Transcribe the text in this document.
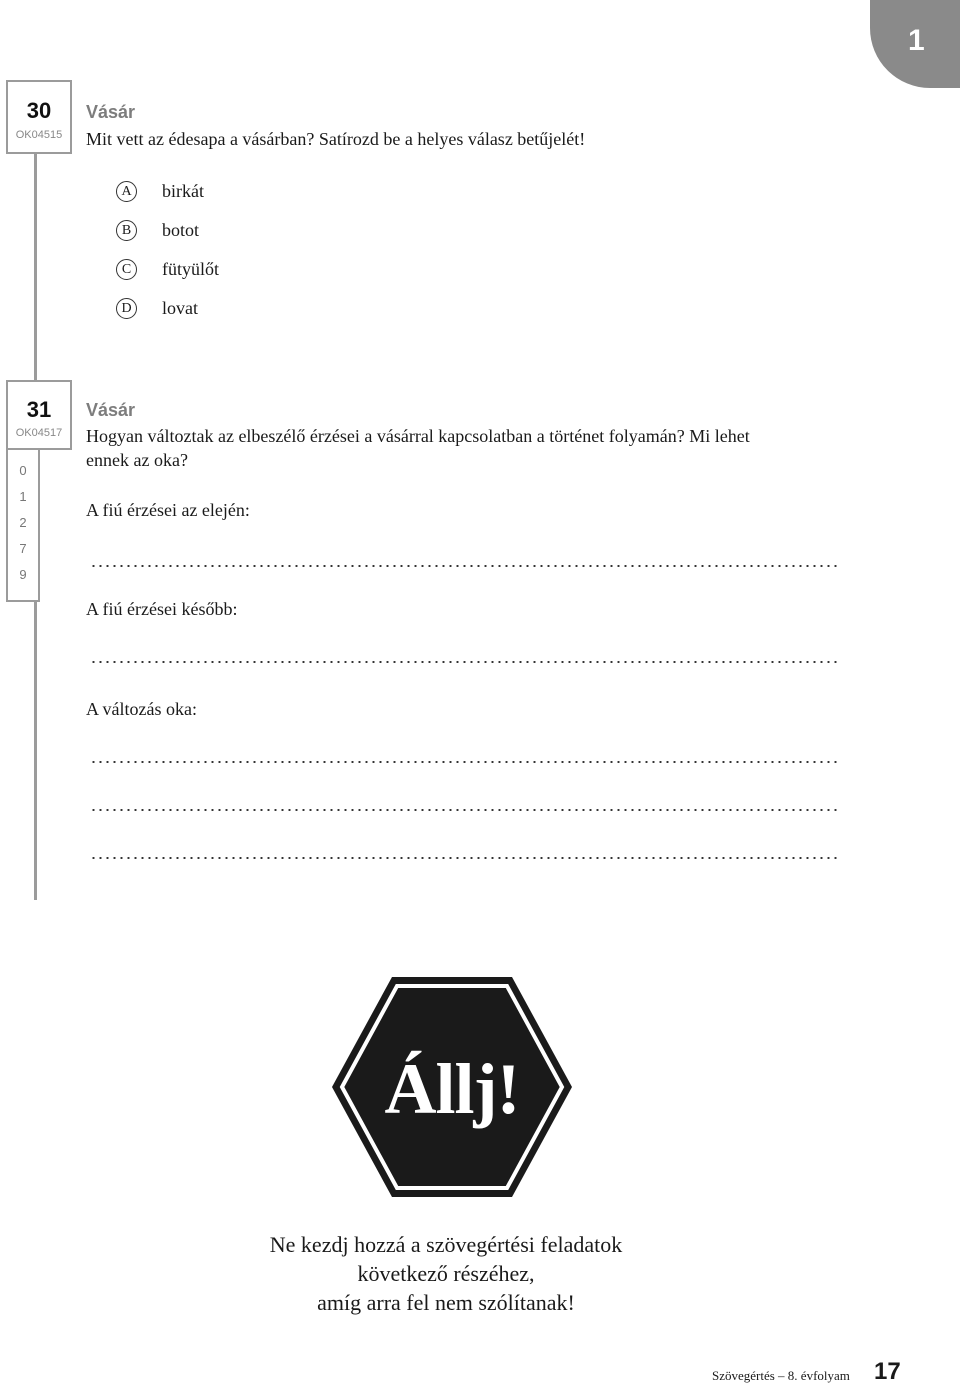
1
30
OK04515
Vásár
Mit vett az édesapa a vásárban? Satírozd be a helyes válasz betűjelét!
A	birkát
B	botot
C	fütyülőt
D	lovat
31
OK04517
0
1
2
7
9
Vásár
Hogyan változtak az elbeszélő érzései a vásárral kapcsolatban a történet folyamán? Mi lehet
ennek az oka?
A fiú érzései az elején:
A fiú érzései később:
A változás oka:
Állj!
Ne kezdj hozzá a szövegértési feladatok
következő részéhez,
amíg arra fel nem szólítanak!
Szövegértés – 8. évfolyam 17
